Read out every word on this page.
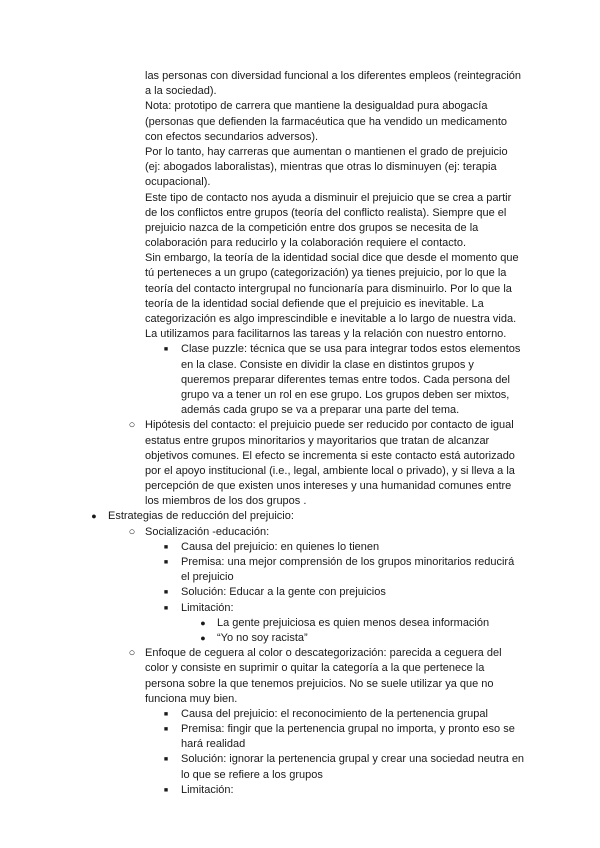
las personas con diversidad funcional a los diferentes empleos (reintegración
a la sociedad).
Nota: prototipo de carrera que mantiene la desigualdad pura abogacía
(personas que defienden la farmacéutica que ha vendido un medicamento
con efectos secundarios adversos).
Por lo tanto, hay carreras que aumentan o mantienen el grado de prejuicio
(ej: abogados laboralistas), mientras que otras lo disminuyen (ej: terapia
ocupacional).
Este tipo de contacto nos ayuda a disminuir el prejuicio que se crea a partir
de los conflictos entre grupos (teoría del conflicto realista). Siempre que el
prejuicio nazca de la competición entre dos grupos se necesita de la
colaboración para reducirlo y la colaboración requiere el contacto.
Sin embargo, la teoría de la identidad social dice que desde el momento que
tú perteneces a un grupo (categorización) ya tienes prejuicio, por lo que la
teoría del contacto intergrupal no funcionaría para disminuirlo. Por lo que la
teoría de la identidad social defiende que el prejuicio es inevitable. La
categorización es algo imprescindible e inevitable a lo largo de nuestra vida.
La utilizamos para facilitarnos las tareas y la relación con nuestro entorno.
■	Clase puzzle: técnica que se usa para integrar todos estos elementos
en la clase. Consiste en dividir la clase en distintos grupos y
queremos preparar diferentes temas entre todos. Cada persona del
grupo va a tener un rol en ese grupo. Los grupos deben ser mixtos,
además cada grupo se va a preparar una parte del tema.
○ Hipótesis del contacto: el prejuicio puede ser reducido por contacto de igual
estatus entre grupos minoritarios y mayoritarios que tratan de alcanzar
objetivos comunes. El efecto se incrementa si este contacto está autorizado
por el apoyo institucional (i.e., legal, ambiente local o privado), y si lleva a la
percepción de que existen unos intereses y una humanidad comunes entre
los miembros de los dos grupos .
● Estrategias de reducción del prejuicio:
○ Socialización -educación:
■	Causa del prejuicio: en quienes lo tienen
■	Premisa: una mejor comprensión de los grupos minoritarios reducirá
el prejuicio
■	Solución: Educar a la gente con prejuicios
■	Limitación:
● La gente prejuiciosa es quien menos desea información
● “Yo no soy racista”
○ Enfoque de ceguera al color o descategorización: parecida a ceguera del
color y consiste en suprimir o quitar la categoría a la que pertenece la
persona sobre la que tenemos prejuicios. No se suele utilizar ya que no
funciona muy bien.
■	Causa del prejuicio: el reconocimiento de la pertenencia grupal
■	Premisa: fingir que la pertenencia grupal no importa, y pronto eso se
hará realidad
■	Solución: ignorar la pertenencia grupal y crear una sociedad neutra en
lo que se refiere a los grupos
■	Limitación:
